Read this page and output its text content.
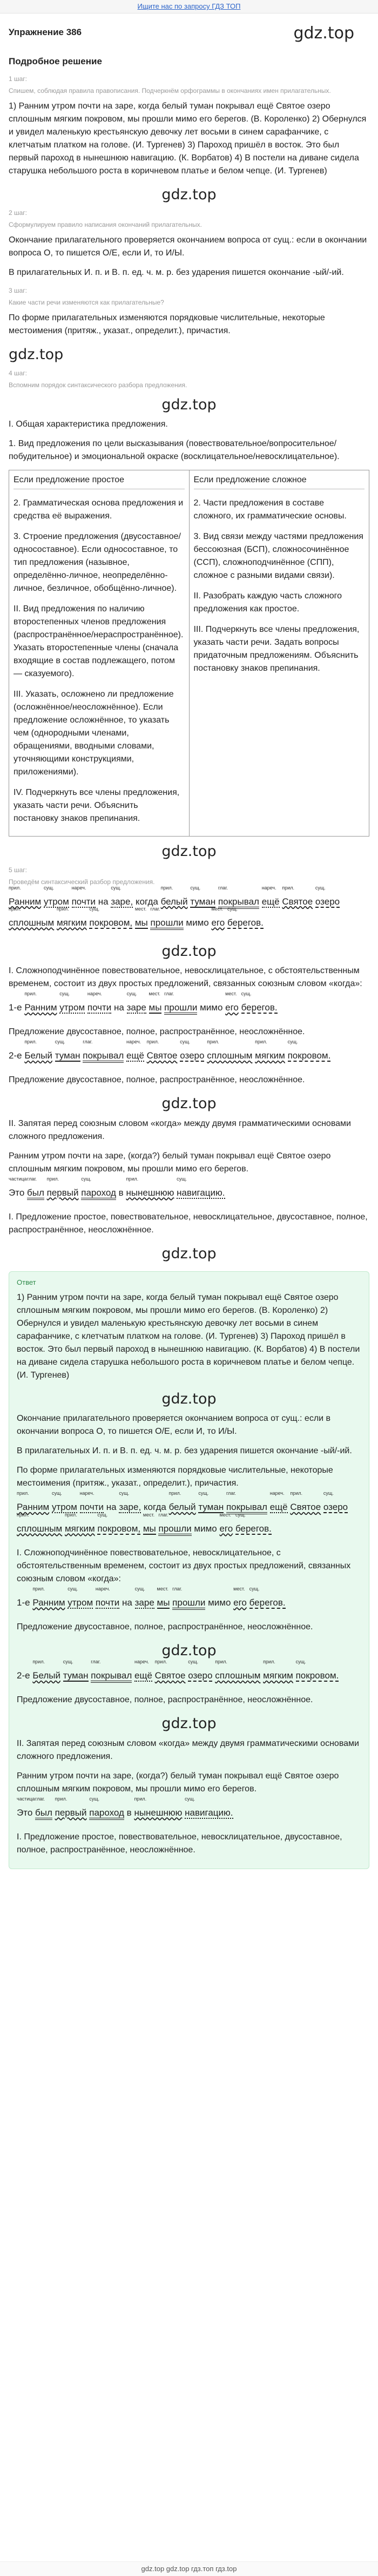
Ищите нас по запросу ГДЗ ТОП
Упражнение 386	gdz.top
Подробное решение
1 шаг:
Спишем, соблюдая правила правописания. Подчеркнём орфограммы в окончаниях имен прилагательных.

1) Ранним утром почти на заре, когда белый туман покрывал ещё Святое озеро сплошным мягким покровом, мы прошли мимо его берегов. (В. Короленко) 2) Обернулся и увидел маленькую крестьянскую девочку лет восьми в синем сарафанчике, с клетчатым платком на голове. (И. Тургенев) 3) Пароход пришёл в восток. Это был первый пароход в нынешнюю навигацию. (К. Ворбатов) 4) В постели на диване сидела старушка небольшого роста в коричневом платье и белом чепце. (И. Тургенев)

gdz.top
2 шаг:
Сформулируем правило написания окончаний прилагательных.

Окончание прилагательного проверяется окончанием вопроса от сущ.: если в окончании вопроса О, то пишется О/Е, если И, то И/Ы.

В прилагательных И. п. и В. п. ед. ч. м. р. без ударения пишется окончание -ый/-ий.

3 шаг:
Какие части речи изменяются как прилагательные?

По форме прилагательных изменяются порядковые числительные, некоторые местоимения (притяж., указат., определит.), причастия.

gdz.top
4 шаг:
Вспомним порядок синтаксического разбора предложения.
gdz.top

I. Общая характеристика предложения.

1. Вид предложения по цели высказывания (повествовательное/вопросительное/побудительное) и эмоциональной окраске (восклицательное/невосклицательное).

Если предложение простое

2. Грамматическая основа предложения и средства её выражения.

3. Строение предложения (двусоставное/односоставное). Если односоставное, то тип предложения (назывное, определённо-личное, неопределённо-личное, безличное, обобщённо-личное).

II. Вид предложения по наличию второстепенных членов предложения (распространённое/нераспространённое). Указать второстепенные члены (сначала входящие в состав подлежащего, потом — сказуемого).

III. Указать, осложнено ли предложение (осложнённое/неосложнённое). Если предложение осложнённое, то указать чем (однородными членами, обращениями, вводными словами, уточняющими конструкциями, приложениями).

IV. Подчеркнуть все члены предложения, указать части речи. Объяснить постановку знаков препинания.

Если предложение сложное

2. Части предложения в составе сложного, их грамматические основы.

3. Вид связи между частями предложения бессоюзная (БСП), сложносочинённое (ССП), сложноподчинённое (СПП), сложное с разными видами связи).

II. Разобрать каждую часть сложного предложения как простое.

III. Подчеркнуть все члены предложения, указать части речи. Задать вопросы придаточным предложениям. Объяснить постановку знаков препинания.

gdz.top
5 шаг:
Проведём синтаксический разбор предложения.
Ранним
прил.
утром
сущ.
почти
нареч.
на заре,
сущ.
когда белый
прил.
туман
сущ.
покрывал
глаг.
ещё
нареч.
Святое
прил.
озеро
сущ.
сплошным
прил.
мягким
прил.
покровом,
сущ.
мы
мест.
прошли
глаг.
мимо его
мест.
берегов.
сущ.
gdz.top

I. Сложноподчинённое повествовательное, невосклицательное, с обстоятельственным временем, состоит из двух простых предложений, связанных союзным словом «когда»:

1-е Ранним
прил.
утром
сущ.
почти
нареч.
на заре
сущ.
мы
мест.
прошли
глаг.
мимо его
мест.
берегов.
сущ.

Предложение двусоставное, полное, распространённое, неосложнённое.

2-е Белый
прил.
туман
сущ.
покрывал
глаг.
ещё
нареч.
Святое
прил.
озеро
сущ.
сплошным
прил.
мягким
прил.
покровом.
сущ.

Предложение двусоставное, полное, распространённое, неосложнённое.

gdz.top

II. Запятая перед союзным словом «когда» между двумя грамматическими основами сложного предложения.

Ранним утром почти на заре, (когда?) белый туман покрывал ещё Святое озеро сплошным мягким покровом, мы прошли мимо его берегов.

Это
частица
был
глаг.
первый
прил.
пароход
сущ.
в нынешнюю
прил.
навигацию.
сущ.

I. Предложение простое, повествовательное, невосклицательное, двусоставное, полное, распространённое, неосложнённое.

gdz.top
Ответ

1) Ранним утром почти на заре, когда белый туман покрывал ещё Святое озеро сплошным мягким покровом, мы прошли мимо его берегов. (В. Короленко) 2) Обернулся и увидел маленькую крестьянскую девочку лет восьми в синем сарафанчике, с клетчатым платком на голове. (И. Тургенев) 3) Пароход пришёл в восток. Это был первый пароход в нынешнюю навигацию. (К. Ворбатов) 4) В постели на диване сидела старушка небольшого роста в коричневом платье и белом чепце. (И. Тургенев)

gdz.top

Окончание прилагательного проверяется окончанием вопроса от сущ.: если в окончании вопроса О, то пишется О/Е, если И, то И/Ы.

В прилагательных И. п. и В. п. ед. ч. м. р. без ударения пишется окончание -ый/-ий.

По форме прилагательных изменяются порядковые числительные, некоторые местоимения (притяж., указат., определит.), причастия.

Ранним
прил.
утром
сущ.
почти
нареч.
на заре,
сущ.
когда белый
прил.
туман
сущ.
покрывал
глаг.
ещё
нареч.
Святое
прил.
озеро
сущ.
сплошным
прил.
мягким
прил.
покровом,
сущ.
мы
мест.
прошли
глаг.
мимо его
мест.
берегов.
сущ.

I. Сложноподчинённое повествовательное, невосклицательное, с обстоятельственным временем, состоит из двух простых предложений, связанных союзным словом «когда»:

1-е Ранним
прил.
утром
сущ.
почти
нареч.
на заре
сущ.
мы
мест.
прошли
глаг.
мимо его
мест.
берегов.
сущ.

Предложение двусоставное, полное, распространённое, неосложнённое.

gdz.top
2-е Белый
прил.
туман
сущ.
покрывал
глаг.
ещё
нареч.
Святое
прил.
озеро
сущ.
сплошным
прил.
мягким
прил.
покровом.
сущ.

Предложение двусоставное, полное, распространённое, неосложнённое.

gdz.top

II. Запятая перед союзным словом «когда» между двумя грамматическими основами сложного предложения.

Ранним утром почти на заре, (когда?) белый туман покрывал ещё Святое озеро сплошным мягким покровом, мы прошли мимо его берегов.

Это
частица
был
глаг.
первый
прил.
пароход
сущ.
в нынешнюю
прил.
навигацию.
сущ.

I. Предложение простое, повествовательное, невосклицательное, двусоставное, полное, распространённое, неосложнённое.

gdz.top gdz.top гдз.топ гдз.top
